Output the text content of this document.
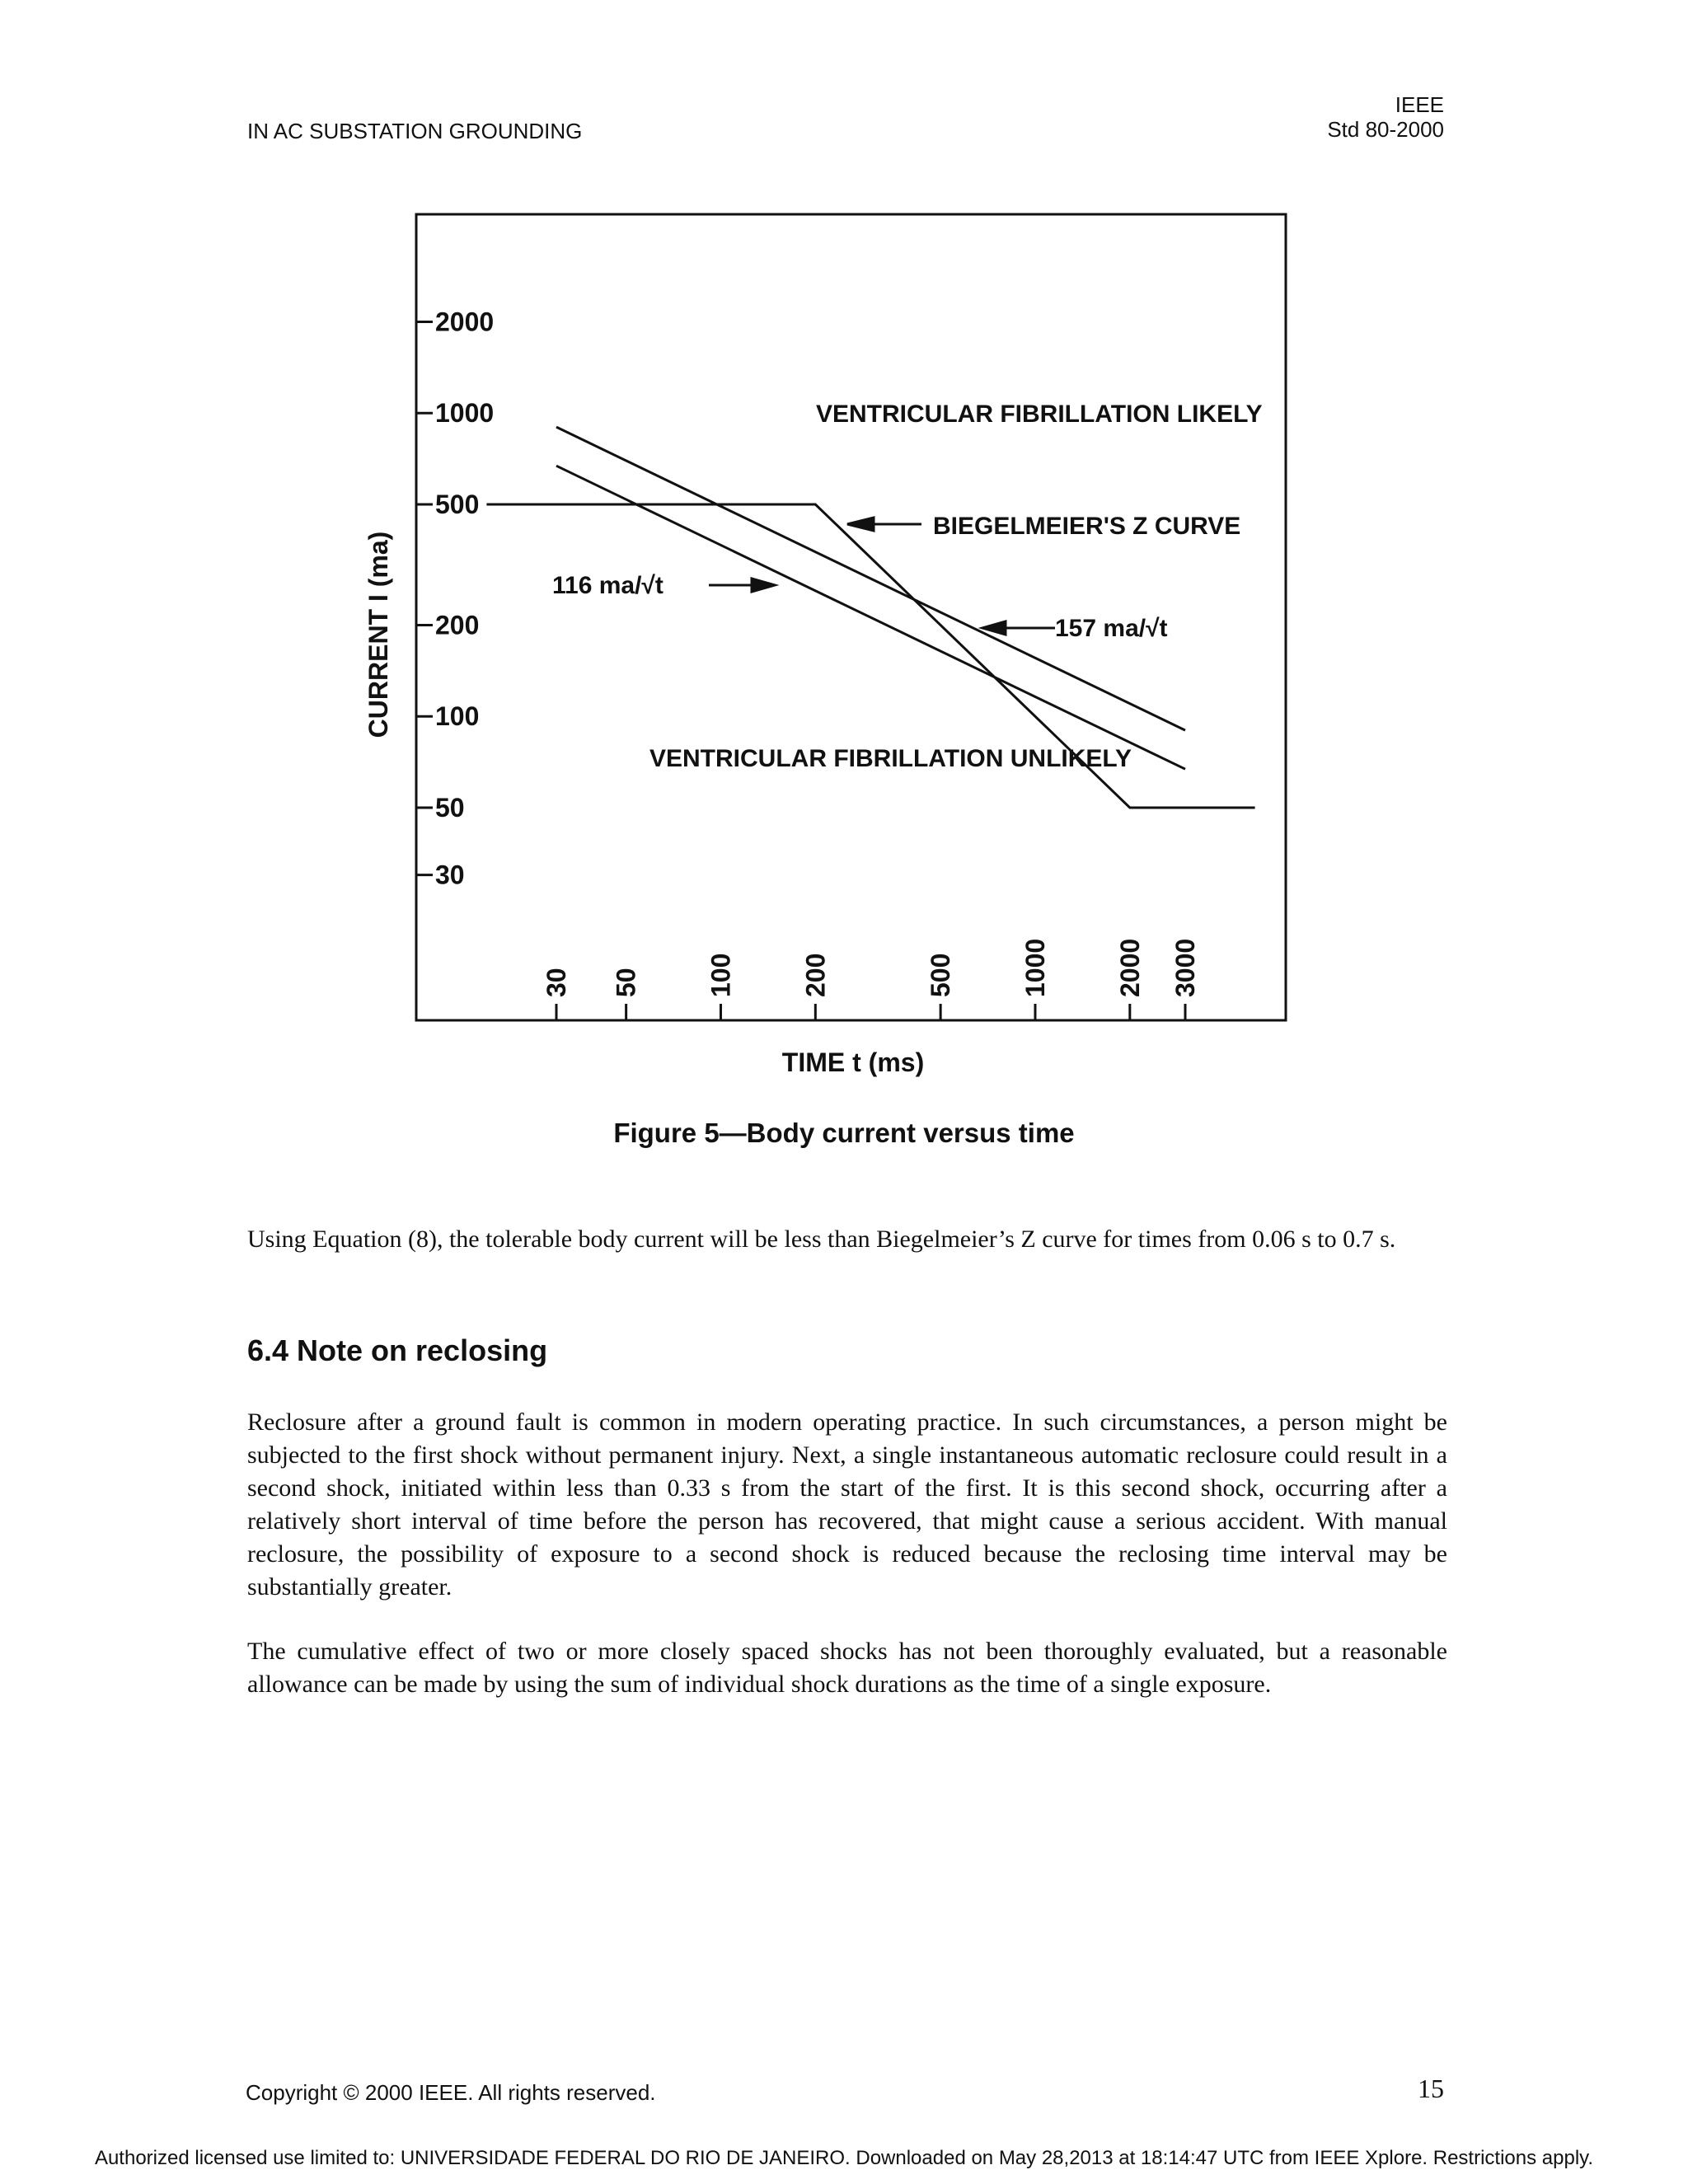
IN AC SUBSTATION GROUNDING
IEEE
Std 80-2000
2000
1000
500
200
100
50
30
30 50 100 200	500 1000 2000 3000
VENTRICULAR FIBRILLATION LIKELY
BIEGELMEIER'S Z CURVE
116 ma/√t
157 ma/√t
VENTRICULAR FIBRILLATION UNLIKELY
TIME t (ms)
CURRENT I (ma)
Figure 5—Body current versus time

Using Equation (8), the tolerable body current will be less than Biegelmeier’s Z curve for times from 0.06 s to 0.7 s.

6.4 Note on reclosing

Reclosure after a ground fault is common in modern operating practice. In such circumstances, a person might be subjected to the first shock without permanent injury. Next, a single instantaneous automatic reclosure could result in a second shock, initiated within less than 0.33 s from the start of the first. It is this second shock, occurring after a relatively short interval of time before the person has recovered, that might cause a serious accident. With manual reclosure, the possibility of exposure to a second shock is reduced because the reclosing time interval may be substantially greater.

The cumulative effect of two or more closely spaced shocks has not been thoroughly evaluated, but a reasonable allowance can be made by using the sum of individual shock durations as the time of a single exposure.

Copyright © 2000 IEEE. All rights reserved.	15
Authorized licensed use limited to: UNIVERSIDADE FEDERAL DO RIO DE JANEIRO. Downloaded on May 28,2013 at 18:14:47 UTC from IEEE Xplore. Restrictions apply.
